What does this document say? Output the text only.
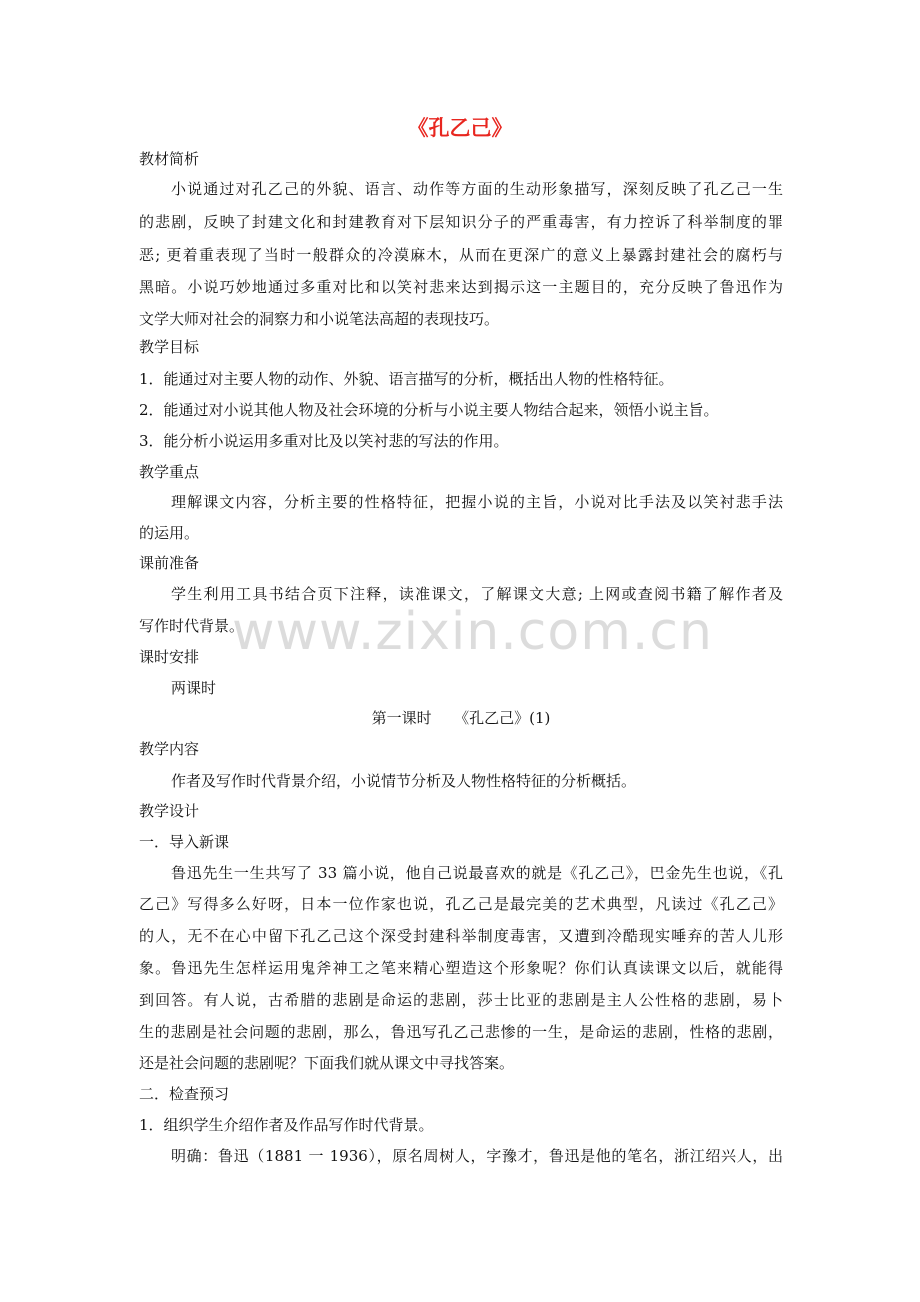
《孔乙己》
www.zixin.com.cn
教材简析
小说通过对孔乙己的外貌、语言、动作等方面的生动形象描写，深刻反映了孔乙己一生
的悲剧，反映了封建文化和封建教育对下层知识分子的严重毒害，有力控诉了科举制度的罪
恶; 更着重表现了当时一般群众的冷漠麻木，从而在更深广的意义上暴露封建社会的腐朽与
黑暗。小说巧妙地通过多重对比和以笑衬悲来达到揭示这一主题目的，充分反映了鲁迅作为
文学大师对社会的洞察力和小说笔法高超的表现技巧。
教学目标
1．能通过对主要人物的动作、外貌、语言描写的分析，概括出人物的性格特征。
2．能通过对小说其他人物及社会环境的分析与小说主要人物结合起来，领悟小说主旨。
3．能分析小说运用多重对比及以笑衬悲的写法的作用。
教学重点
理解课文内容，分析主要的性格特征，把握小说的主旨，小说对比手法及以笑衬悲手法
的运用。
课前准备
学生利用工具书结合页下注释，读准课文，了解课文大意; 上网或查阅书籍了解作者及
写作时代背景。
课时安排
两课时
第一课时　　《孔乙己》(1)
教学内容
作者及写作时代背景介绍，小说情节分析及人物性格特征的分析概括。
教学设计
一．导入新课
鲁迅先生一生共写了 33 篇小说，他自己说最喜欢的就是《孔乙己》，巴金先生也说，《孔
乙己》写得多么好呀，日本一位作家也说，孔乙己是最完美的艺术典型，凡读过《孔乙己》
的人，无不在心中留下孔乙己这个深受封建科举制度毒害，又遭到冷酷现实唾弃的苦人儿形
象。鲁迅先生怎样运用鬼斧神工之笔来精心塑造这个形象呢？你们认真读课文以后，就能得
到回答。有人说，古希腊的悲剧是命运的悲剧，莎士比亚的悲剧是主人公性格的悲剧，易卜
生的悲剧是社会问题的悲剧，那么，鲁迅写孔乙己悲惨的一生，是命运的悲剧，性格的悲剧，
还是社会问题的悲剧呢？下面我们就从课文中寻找答案。
二．检查预习
1．组织学生介绍作者及作品写作时代背景。
明确：鲁迅（1881 一 1936），原名周树人，字豫才，鲁迅是他的笔名，浙江绍兴人，出
